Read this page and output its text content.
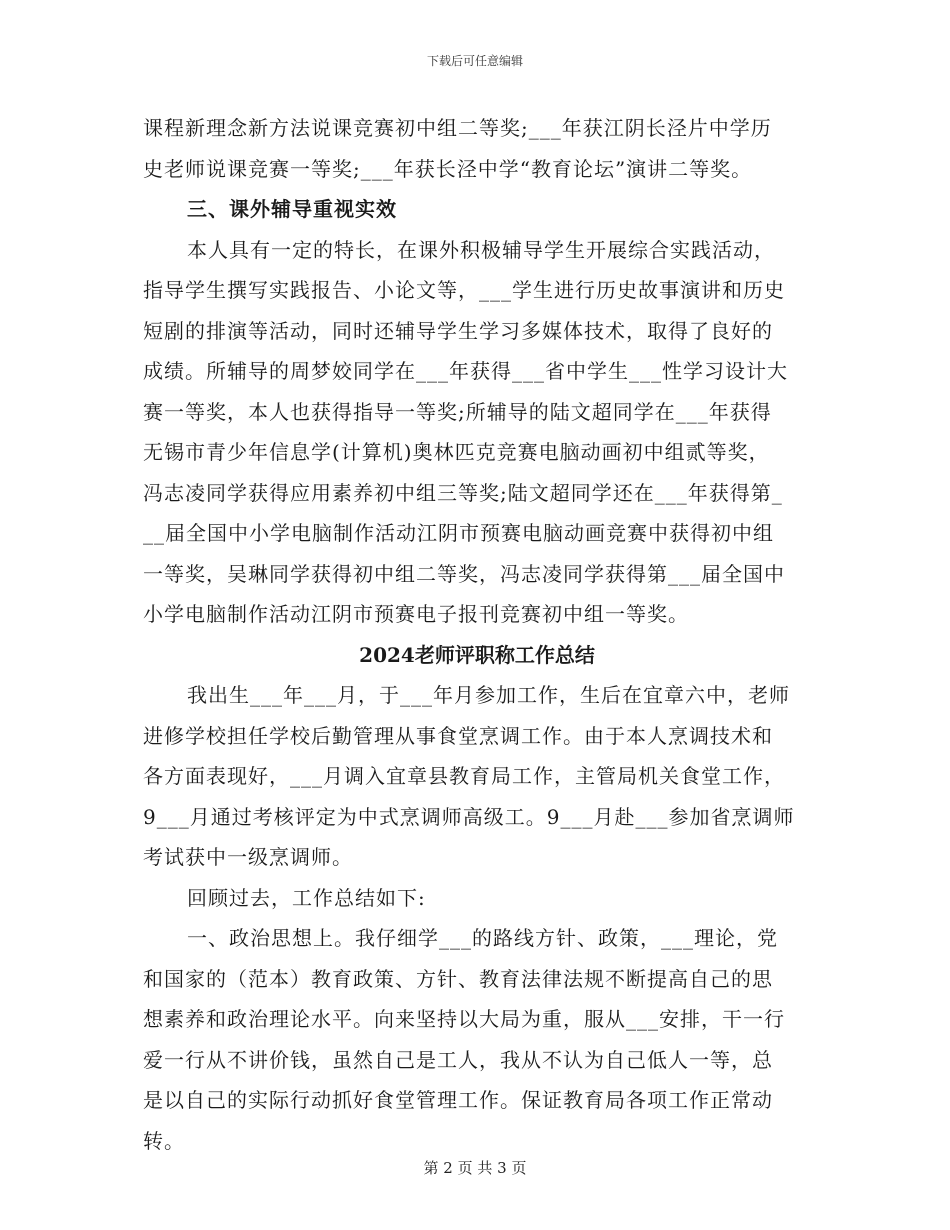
下载后可任意编辑
课程新理念新方法说课竞赛初中组二等奖;___年获江阴长泾片中学历
史老师说课竞赛一等奖;___年获长泾中学“教育论坛”演讲二等奖。
三、课外辅导重视实效
本人具有一定的特长，在课外积极辅导学生开展综合实践活动，
指导学生撰写实践报告、小论文等，___学生进行历史故事演讲和历史
短剧的排演等活动，同时还辅导学生学习多媒体技术，取得了良好的
成绩。所辅导的周梦姣同学在___年获得___省中学生___性学习设计大
赛一等奖，本人也获得指导一等奖;所辅导的陆文超同学在___年获得
无锡市青少年信息学(计算机)奥林匹克竞赛电脑动画初中组贰等奖，
冯志凌同学获得应用素养初中组三等奖;陆文超同学还在___年获得第_
__届全国中小学电脑制作活动江阴市预赛电脑动画竞赛中获得初中组
一等奖，吴琳同学获得初中组二等奖，冯志凌同学获得第___届全国中
小学电脑制作活动江阴市预赛电子报刊竞赛初中组一等奖。
2024老师评职称工作总结
我出生___年___月，于___年月参加工作，生后在宜章六中，老师
进修学校担任学校后勤管理从事食堂烹调工作。由于本人烹调技术和
各方面表现好，___月调入宜章县教育局工作，主管局机关食堂工作，
9___月通过考核评定为中式烹调师高级工。9___月赴___参加省烹调师
考试获中一级烹调师。
回顾过去，工作总结如下:
一、政治思想上。我仔细学___的路线方针、政策，___理论，党
和国家的（范本）教育政策、方针、教育法律法规不断提高自己的思
想素养和政治理论水平。向来坚持以大局为重，服从___安排，干一行
爱一行从不讲价钱，虽然自己是工人，我从不认为自己低人一等，总
是以自己的实际行动抓好食堂管理工作。保证教育局各项工作正常动
转。
第 2 页 共 3 页
